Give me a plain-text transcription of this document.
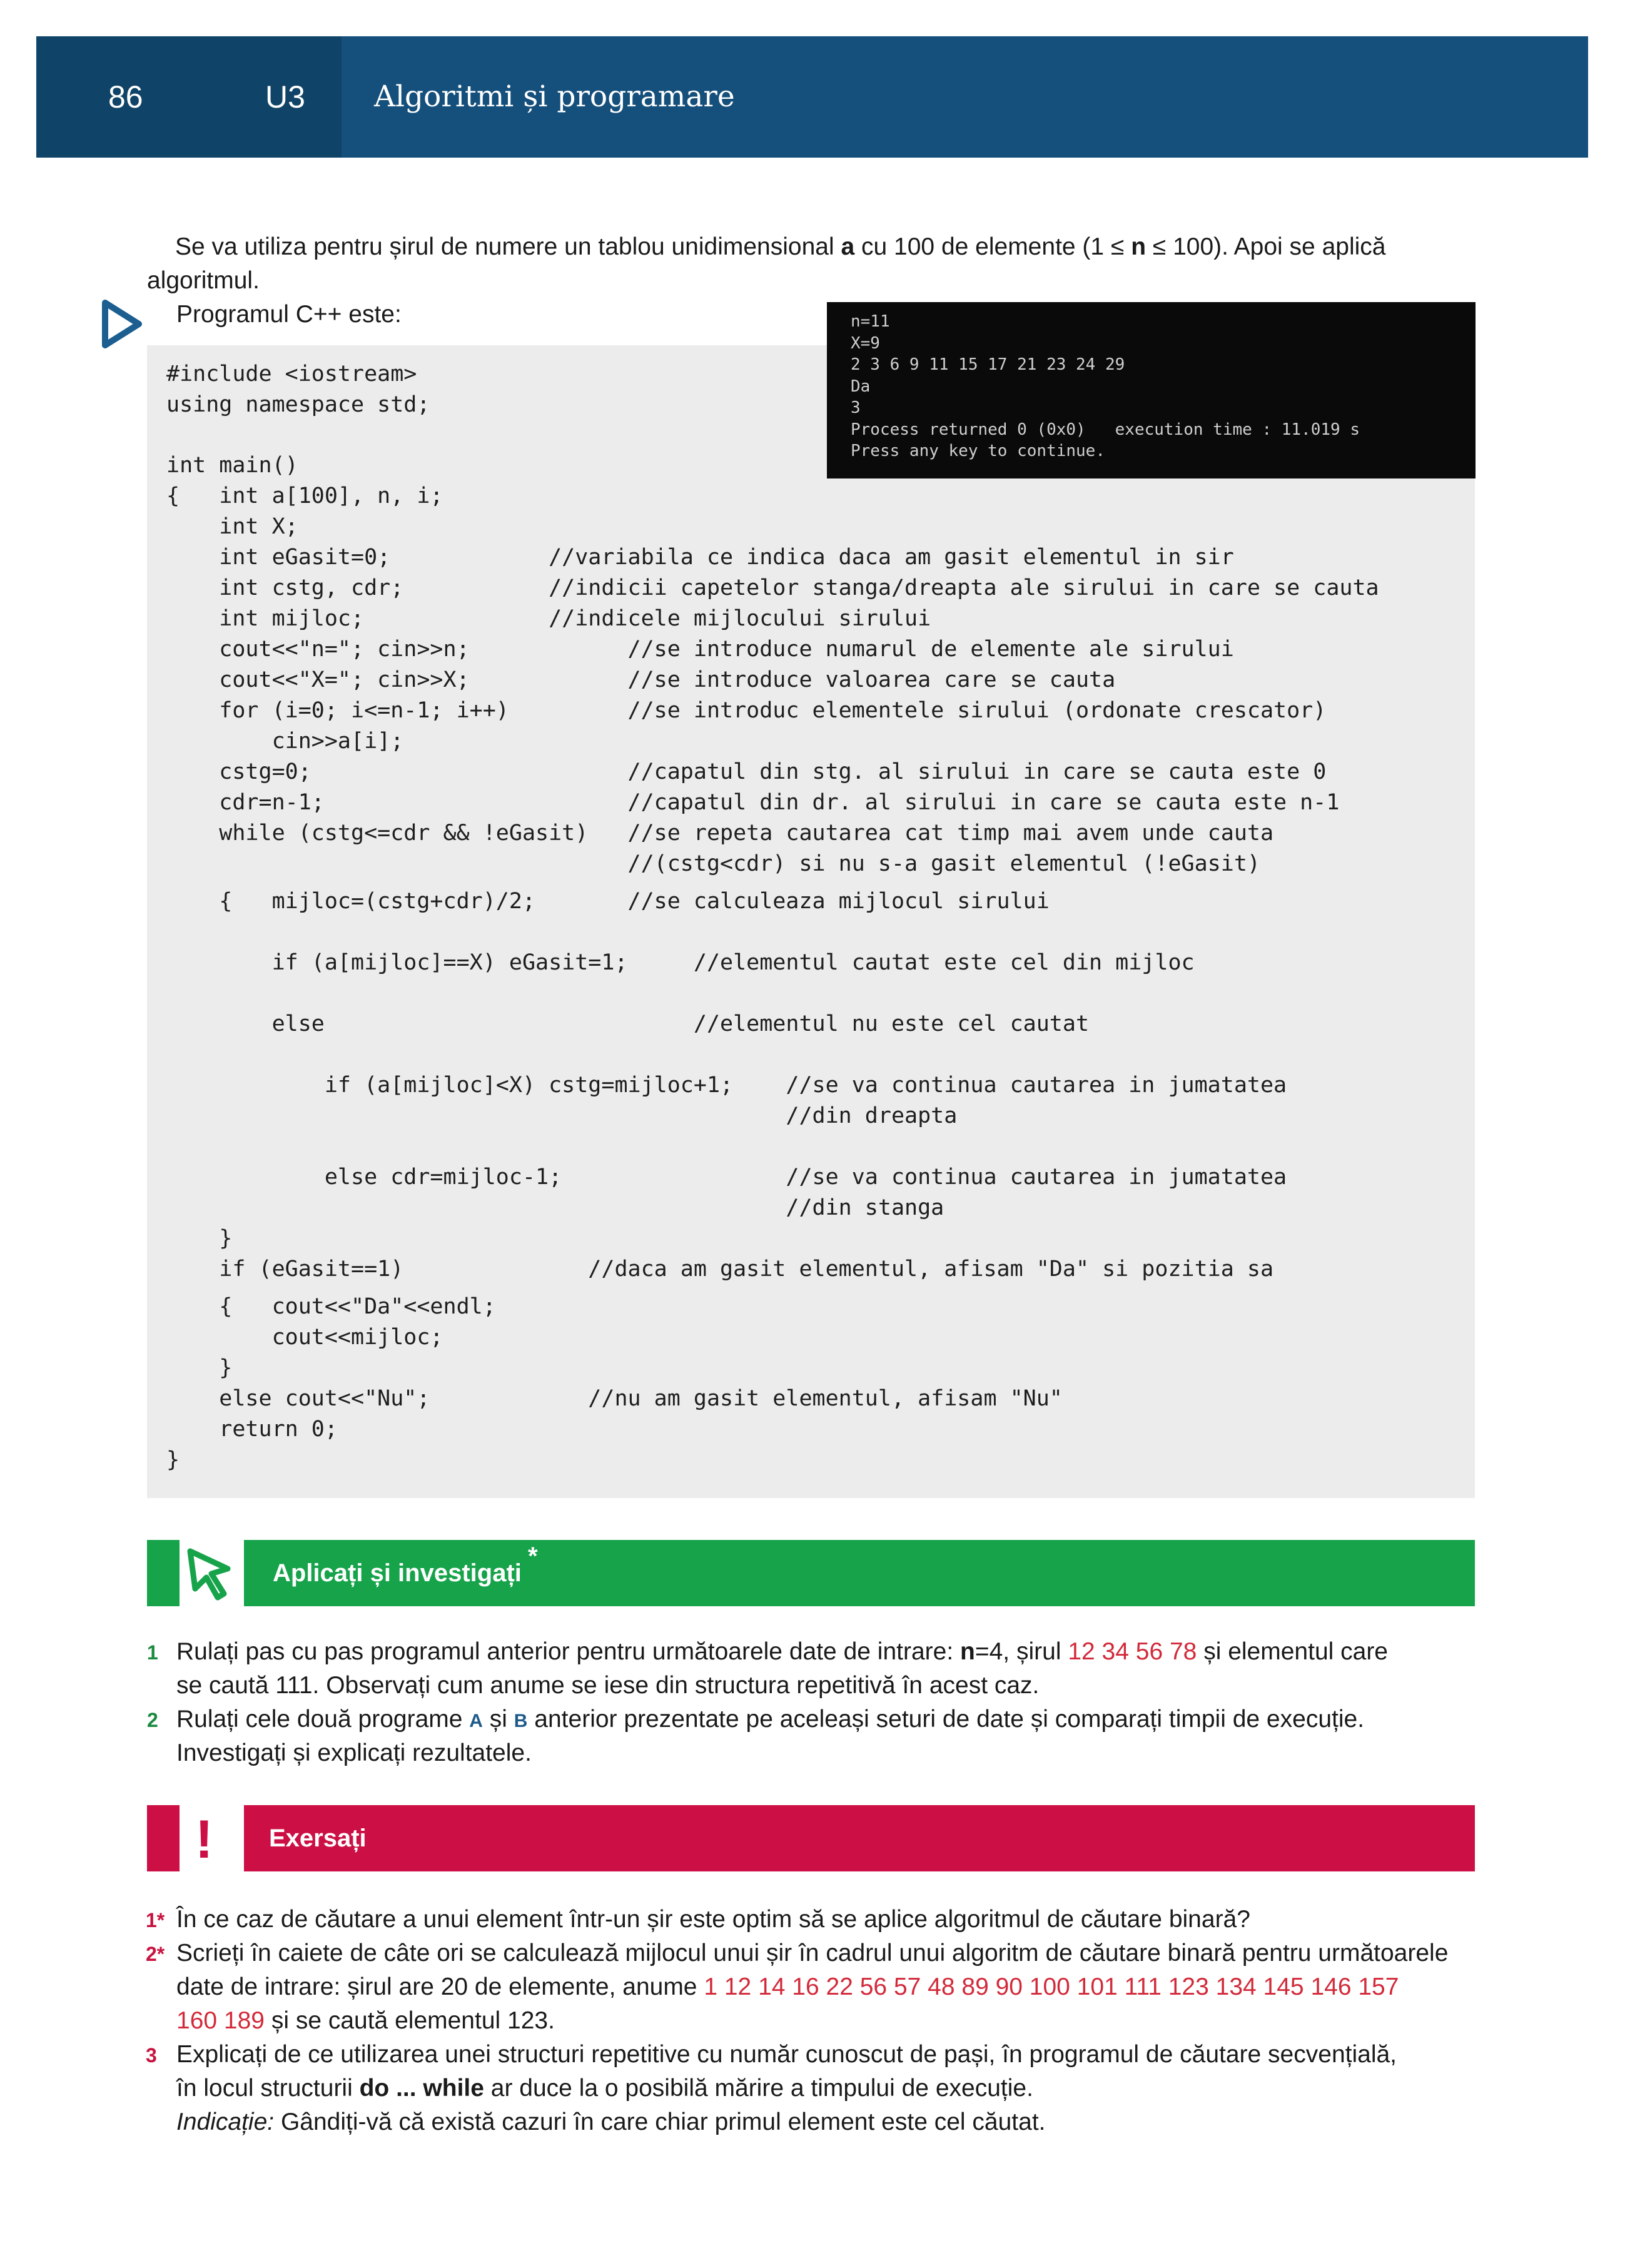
86	U3 Algoritmi și programare
Se va utiliza pentru șirul de numere un tablou unidimensional a cu 100 de elemente (1 ≤ n ≤ 100). Apoi se aplică
algoritmul.
Programul C++ este:
#include <iostream>
using namespace std;
int main()
{   int a[100], n, i;
int X;
int eGasit=0;            //variabila ce indica daca am gasit elementul in sir
int cstg, cdr;           //indicii capetelor stanga/dreapta ale sirului in care se cauta
int mijloc;              //indicele mijlocului sirului
cout<<"n="; cin>>n;            //se introduce numarul de elemente ale sirului
cout<<"X="; cin>>X;            //se introduce valoarea care se cauta
for (i=0; i<=n-1; i++)         //se introduc elementele sirului (ordonate crescator)
cin>>a[i];
cstg=0;                        //capatul din stg. al sirului in care se cauta este 0
cdr=n-1;                       //capatul din dr. al sirului in care se cauta este n-1
while (cstg<=cdr && !eGasit)   //se repeta cautarea cat timp mai avem unde cauta
//(cstg<cdr) si nu s-a gasit elementul (!eGasit)
{   mijloc=(cstg+cdr)/2;       //se calculeaza mijlocul sirului
if (a[mijloc]==X) eGasit=1;     //elementul cautat este cel din mijloc
else                            //elementul nu este cel cautat
if (a[mijloc]<X) cstg=mijloc+1;    //se va continua cautarea in jumatatea
//din dreapta
else cdr=mijloc-1;                 //se va continua cautarea in jumatatea
//din stanga
}
if (eGasit==1)              //daca am gasit elementul, afisam "Da" si pozitia sa
{   cout<<"Da"<<endl;
cout<<mijloc;
}
else cout<<"Nu";            //nu am gasit elementul, afisam "Nu"
return 0;
}
n=11
X=9
2 3 6 9 11 15 17 21 23 24 29
Da
3
Process returned 0 (0x0)   execution time : 11.019 s
Press any key to continue.
Aplicați și investigați
*
1 Rulați pas cu pas programul anterior pentru următoarele date de intrare: n=4, șirul 12 34 56 78 și elementul care
se caută 111. Observați cum anume se iese din structura repetitivă în acest caz.
2 Rulați cele două programe A și B anterior prezentate pe aceleași seturi de date și comparați timpii de execuție.
Investigați și explicați rezultatele.
! Exersați
1* În ce caz de căutare a unui element într-un șir este optim să se aplice algoritmul de căutare binară?
2* Scrieți în caiete de câte ori se calculează mijlocul unui șir în cadrul unui algoritm de căutare binară pentru următoarele
date de intrare: șirul are 20 de elemente, anume 1 12 14 16 22 56 57 48 89 90 100 101 111 123 134 145 146 157
160 189 și se caută elementul 123.
3 Explicați de ce utilizarea unei structuri repetitive cu număr cunoscut de pași, în programul de căutare secvențială,
în locul structurii do ... while ar duce la o posibilă mărire a timpului de execuție.
Indicație: Gândiți-vă că există cazuri în care chiar primul element este cel căutat.
